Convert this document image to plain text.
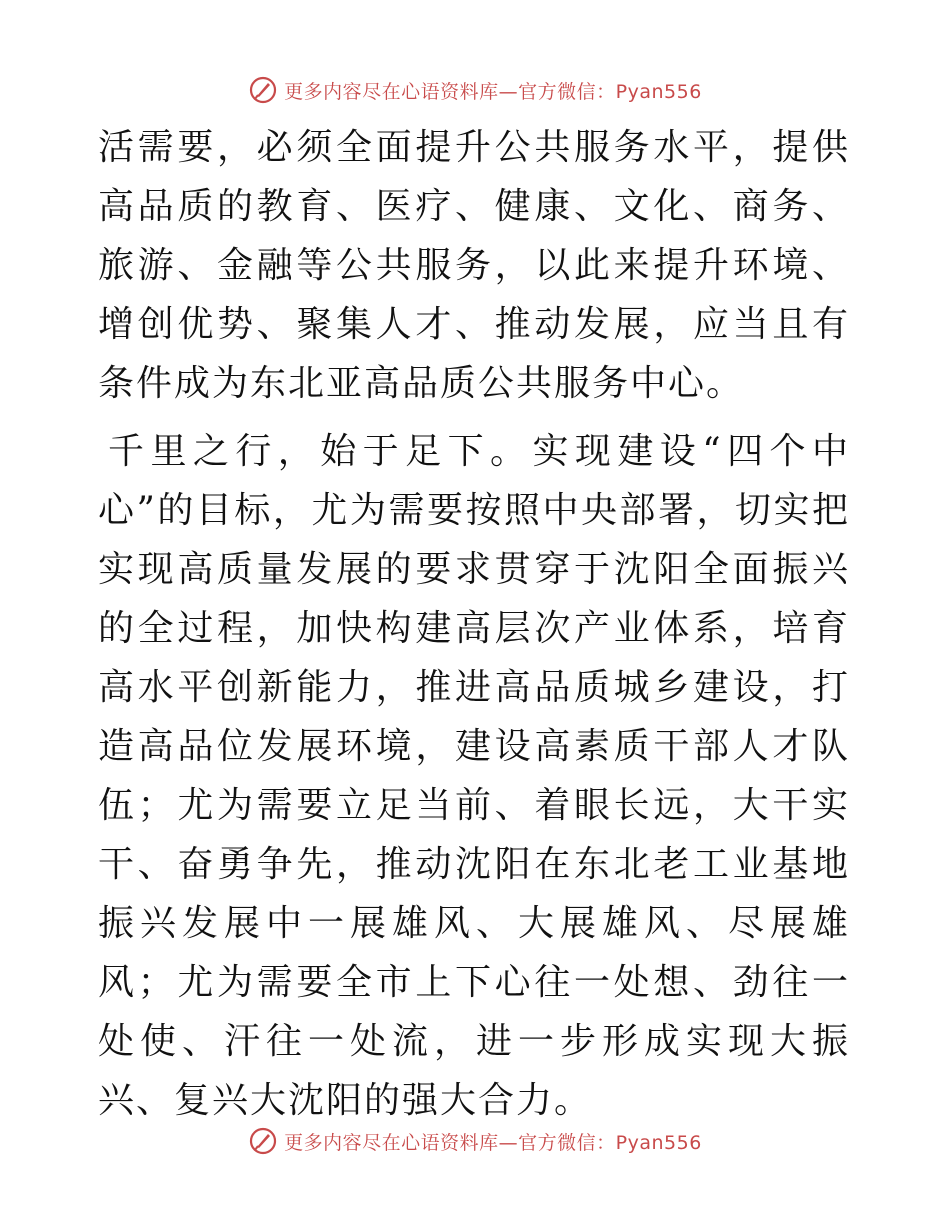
更多内容尽在心语资料库—官方微信：Pyan556

活需要，必须全面提升公共服务水平，提供高品质的教育、医疗、健康、文化、商务、旅游、金融等公共服务，以此来提升环境、增创优势、聚集人才、推动发展，应当且有条件成为东北亚高品质公共服务中心。

千里之行，始于足下。实现建设“四个中心”的目标，尤为需要按照中央部署，切实把实现高质量发展的要求贯穿于沈阳全面振兴的全过程，加快构建高层次产业体系，培育高水平创新能力，推进高品质城乡建设，打造高品位发展环境，建设高素质干部人才队伍；尤为需要立足当前、着眼长远，大干实干、奋勇争先，推动沈阳在东北老工业基地振兴发展中一展雄风、大展雄风、尽展雄风；尤为需要全市上下心往一处想、劲往一处使、汗往一处流，进一步形成实现大振兴、复兴大沈阳的强大合力。

更多内容尽在心语资料库—官方微信：Pyan556
